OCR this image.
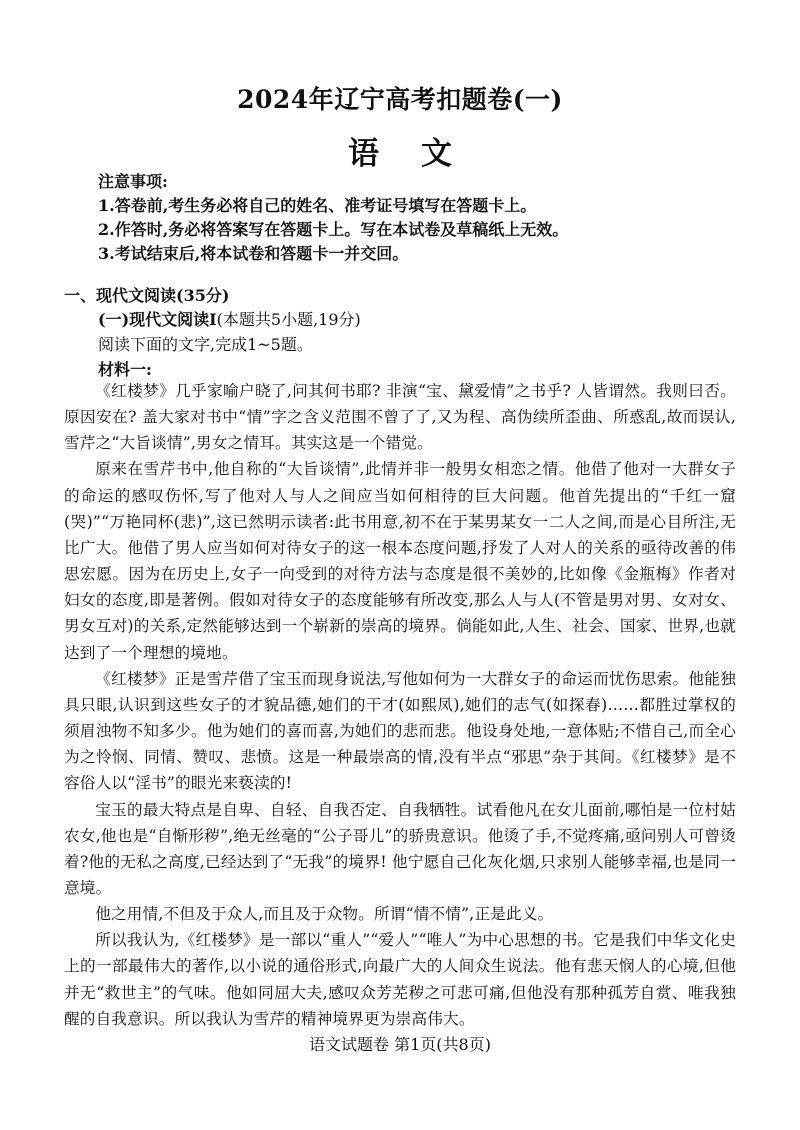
2024年辽宁高考扣题卷(一)
语文
注意事项:
1.答卷前,考生务必将自己的姓名、准考证号填写在答题卡上。
2.作答时,务必将答案写在答题卡上。写在本试卷及草稿纸上无效。
3.考试结束后,将本试卷和答题卡一并交回。
一、现代文阅读(35分)
(一)现代文阅读Ⅰ(本题共5小题,19分)
阅读下面的文字,完成1~5题。
材料一:

《红楼梦》几乎家喻户晓了,问其何书耶? 非演“宝、黛爱情”之书乎? 人皆谓然。我则曰否。原因安在? 盖大家对书中“情”字之含义范围不曾了了,又为程、高伪续所歪曲、所惑乱,故而误认,雪芹之“大旨谈情”,男女之情耳。其实这是一个错觉。

原来在雪芹书中,他自称的“大旨谈情”,此情并非一般男女相恋之情。他借了他对一大群女子的命运的感叹伤怀,写了他对人与人之间应当如何相待的巨大问题。他首先提出的“千红一窟(哭)”“万艳同杯(悲)”,这已然明示读者:此书用意,初不在于某男某女一二人之间,而是心目所注,无比广大。他借了男人应当如何对待女子的这一根本态度问题,抒发了人对人的关系的亟待改善的伟思宏愿。因为在历史上,女子一向受到的对待方法与态度是很不美妙的,比如像《金瓶梅》作者对妇女的态度,即是著例。假如对待女子的态度能够有所改变,那么人与人(不管是男对男、女对女、男女互对)的关系,定然能够达到一个崭新的崇高的境界。倘能如此,人生、社会、国家、世界,也就达到了一个理想的境地。

《红楼梦》正是雪芹借了宝玉而现身说法,写他如何为一大群女子的命运而忧伤思索。他能独具只眼,认识到这些女子的才貌品德,她们的干才(如熙凤),她们的志气(如探春)……都胜过掌权的须眉浊物不知多少。他为她们的喜而喜,为她们的悲而悲。他设身处地,一意体贴;不惜自己,而全心为之怜悯、同情、赞叹、悲愤。这是一种最崇高的情,没有半点“邪思”杂于其间。《红楼梦》是不容俗人以“淫书”的眼光来亵渎的!

宝玉的最大特点是自卑、自轻、自我否定、自我牺牲。试看他凡在女儿面前,哪怕是一位村姑农女,他也是“自惭形秽”,绝无丝毫的“公子哥儿”的骄贵意识。他烫了手,不觉疼痛,亟问别人可曾烫着?他的无私之高度,已经达到了“无我”的境界! 他宁愿自己化灰化烟,只求别人能够幸福,也是同一意境。

他之用情,不但及于众人,而且及于众物。所谓“情不情”,正是此义。

所以我认为,《红楼梦》是一部以“重人”“爱人”“唯人”为中心思想的书。它是我们中华文化史上的一部最伟大的著作,以小说的通俗形式,向最广大的人间众生说法。他有悲天悯人的心境,但他并无“救世主”的气味。他如同屈大夫,感叹众芳芜秽之可悲可痛,但他没有那种孤芳自赏、唯我独醒的自我意识。所以我认为雪芹的精神境界更为崇高伟大。

语文试题卷 第1页(共8页)
